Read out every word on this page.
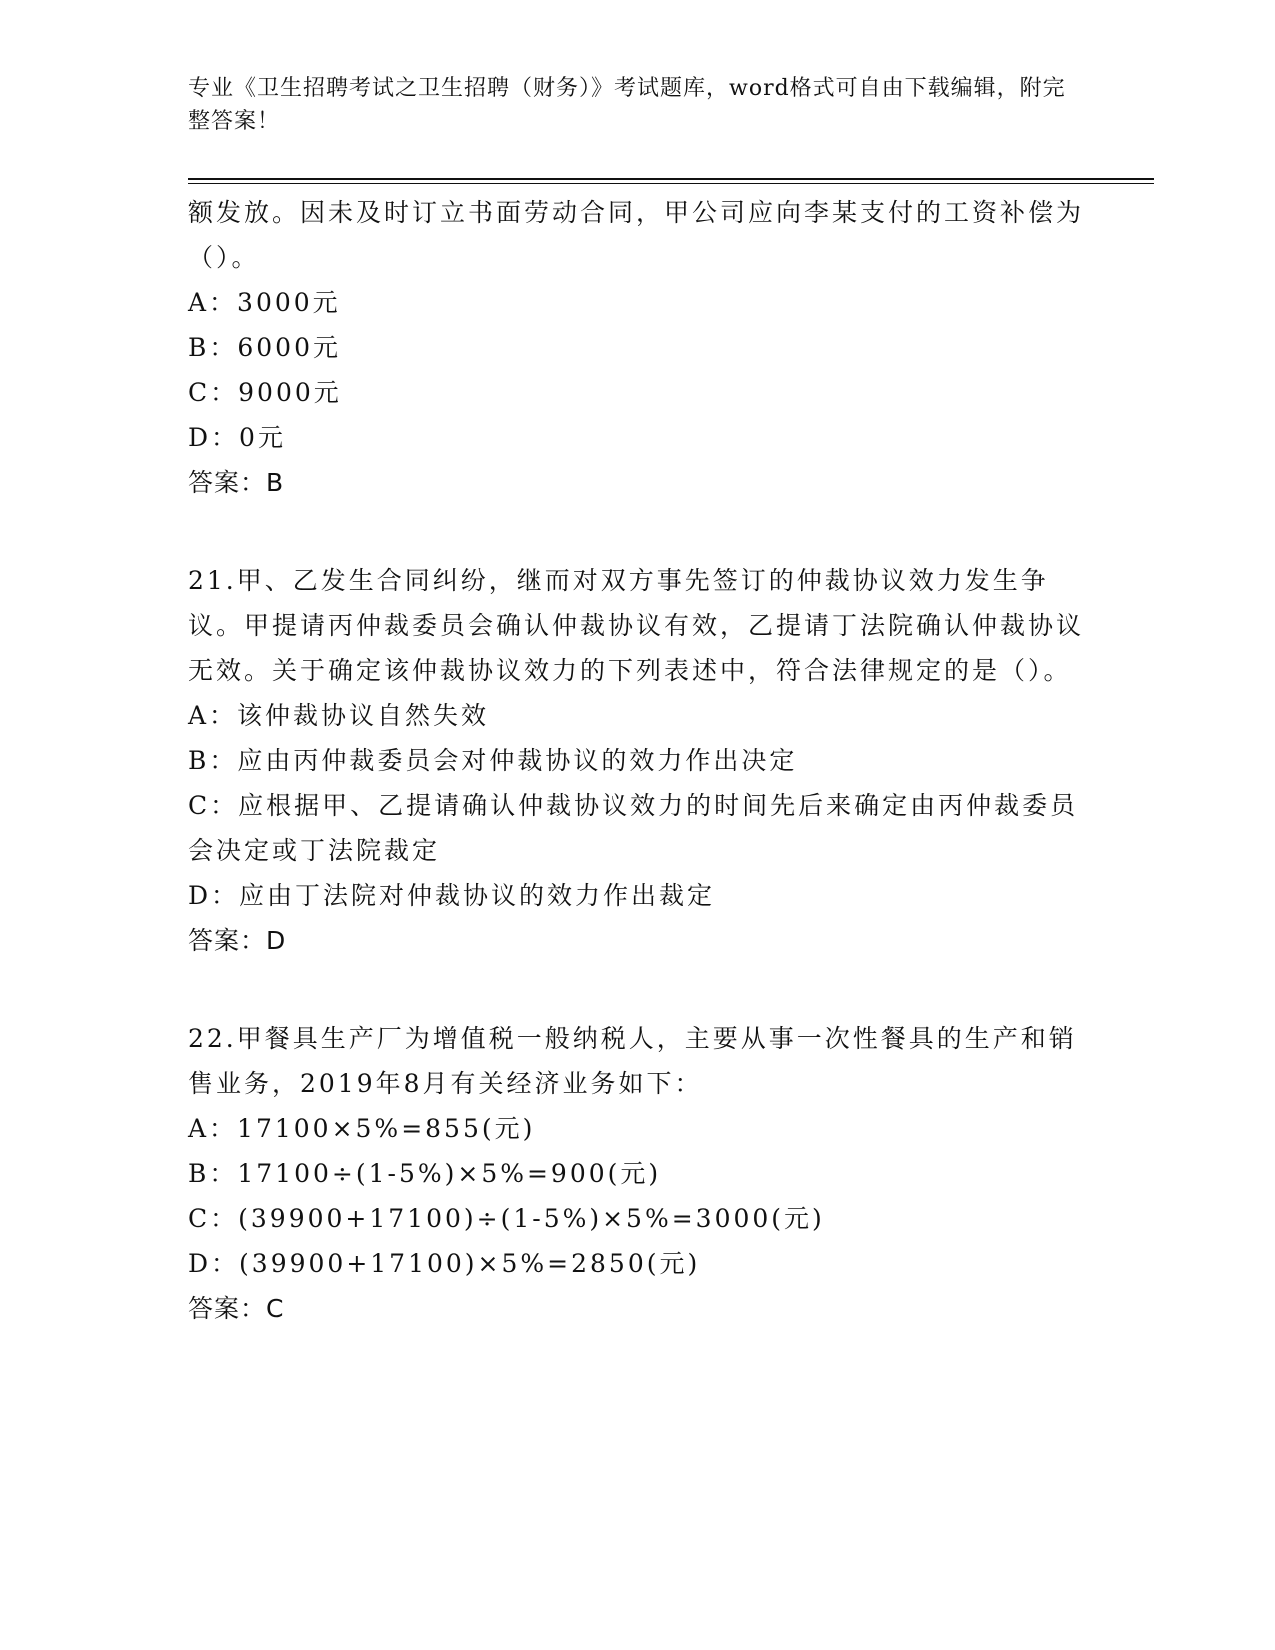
专业《卫生招聘考试之卫生招聘（财务）》考试题库，word格式可自由下载编辑，附完整答案！

额发放。因未及时订立书面劳动合同，甲公司应向李某支付的工资补偿为（）。

A：3000元

B：6000元

C：9000元

D：0元

答案：B

21.甲、乙发生合同纠纷，继而对双方事先签订的仲裁协议效力发生争议。甲提请丙仲裁委员会确认仲裁协议有效，乙提请丁法院确认仲裁协议无效。关于确定该仲裁协议效力的下列表述中，符合法律规定的是（）。

A：该仲裁协议自然失效

B：应由丙仲裁委员会对仲裁协议的效力作出决定

C：应根据甲、乙提请确认仲裁协议效力的时间先后来确定由丙仲裁委员会决定或丁法院裁定

D：应由丁法院对仲裁协议的效力作出裁定

答案：D

22.甲餐具生产厂为增值税一般纳税人，主要从事一次性餐具的生产和销售业务，2019年8月有关经济业务如下：

A：17100×5%=855(元)

B：17100÷(1-5%)×5%=900(元)

C：(39900+17100)÷(1-5%)×5%=3000(元)

D：(39900+17100)×5%=2850(元)

答案：C
